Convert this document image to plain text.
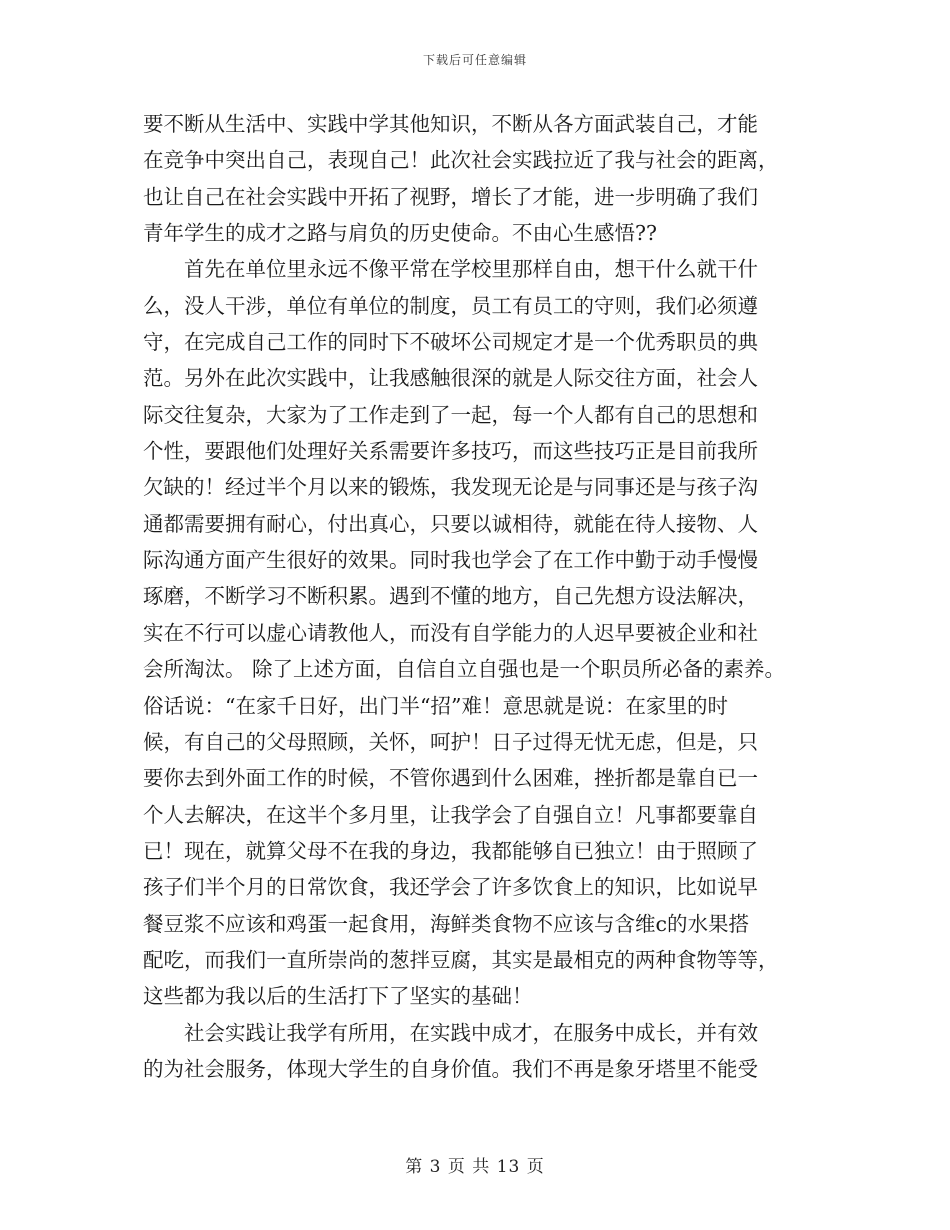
下载后可任意编辑
要不断从生活中、实践中学其他知识，不断从各方面武装自己，才能
在竞争中突出自己，表现自己！此次社会实践拉近了我与社会的距离，
也让自己在社会实践中开拓了视野，增长了才能，进一步明确了我们
青年学生的成才之路与肩负的历史使命。不由心生感悟??
　　首先在单位里永远不像平常在学校里那样自由，想干什么就干什
么，没人干涉，单位有单位的制度，员工有员工的守则，我们必须遵
守，在完成自己工作的同时下不破坏公司规定才是一个优秀职员的典
范。另外在此次实践中，让我感触很深的就是人际交往方面，社会人
际交往复杂，大家为了工作走到了一起，每一个人都有自己的思想和
个性，要跟他们处理好关系需要许多技巧，而这些技巧正是目前我所
欠缺的！经过半个月以来的锻炼，我发现无论是与同事还是与孩子沟
通都需要拥有耐心，付出真心，只要以诚相待，就能在待人接物、人
际沟通方面产生很好的效果。同时我也学会了在工作中勤于动手慢慢
琢磨，不断学习不断积累。遇到不懂的地方，自己先想方设法解决，
实在不行可以虚心请教他人，而没有自学能力的人迟早要被企业和社
会所淘汰。 除了上述方面，自信自立自强也是一个职员所必备的素养。
俗话说：“在家千日好，出门半“招”难！意思就是说：在家里的时
候，有自己的父母照顾，关怀，呵护！日子过得无忧无虑，但是，只
要你去到外面工作的时候，不管你遇到什么困难，挫折都是靠自已一
个人去解决，在这半个多月里，让我学会了自强自立！凡事都要靠自
已！现在，就算父母不在我的身边，我都能够自已独立！由于照顾了
孩子们半个月的日常饮食，我还学会了许多饮食上的知识，比如说早
餐豆浆不应该和鸡蛋一起食用，海鲜类食物不应该与含维c的水果搭
配吃，而我们一直所崇尚的葱拌豆腐，其实是最相克的两种食物等等，
这些都为我以后的生活打下了坚实的基础！
　　社会实践让我学有所用，在实践中成才，在服务中成长，并有效
的为社会服务，体现大学生的自身价值。我们不再是象牙塔里不能受
第 3 页 共 13 页
